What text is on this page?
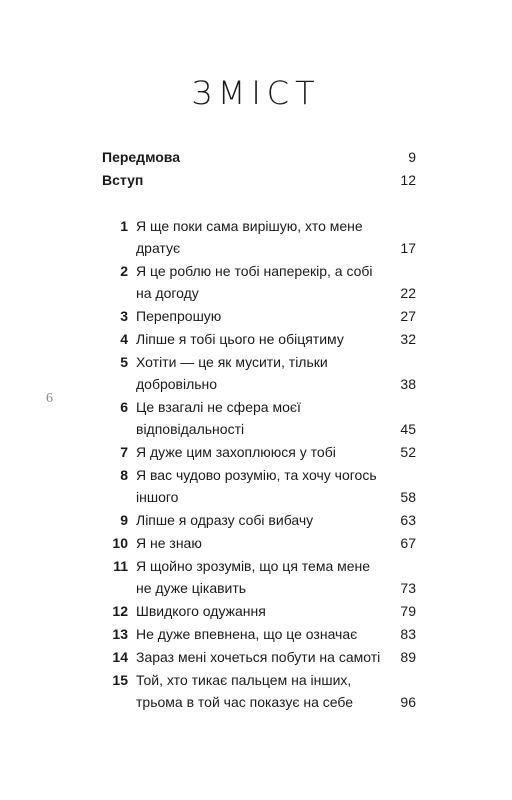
ЗМІСТ
6
Передмова	9
Вступ	12
1 Я ще поки сама вирішую, хто мене
дратує	17
2 Я це роблю не тобі наперекір, а собі
на догоду	22
3 Перепрошую	27
4 Ліпше я тобі цього не обіцятиму	32
5 Хотіти — це як мусити, тільки
добровільно	38
6 Це взагалі не сфера моєї
відповідальності	45
7 Я дуже цим захоплююся у тобі	52
8 Я вас чудово розумію, та хочу чогось
іншого	58
9 Ліпше я одразу собі вибачу	63
10 Я не знаю	67
11 Я щойно зрозумів, що ця тема мене
не дуже цікавить	73
12 Швидкого одужання	79
13 Не дуже впевнена, що це означає	83
14 Зараз мені хочеться побути на самоті 89
15 Той, хто тикає пальцем на інших,
трьома в той час показує на себе	96
